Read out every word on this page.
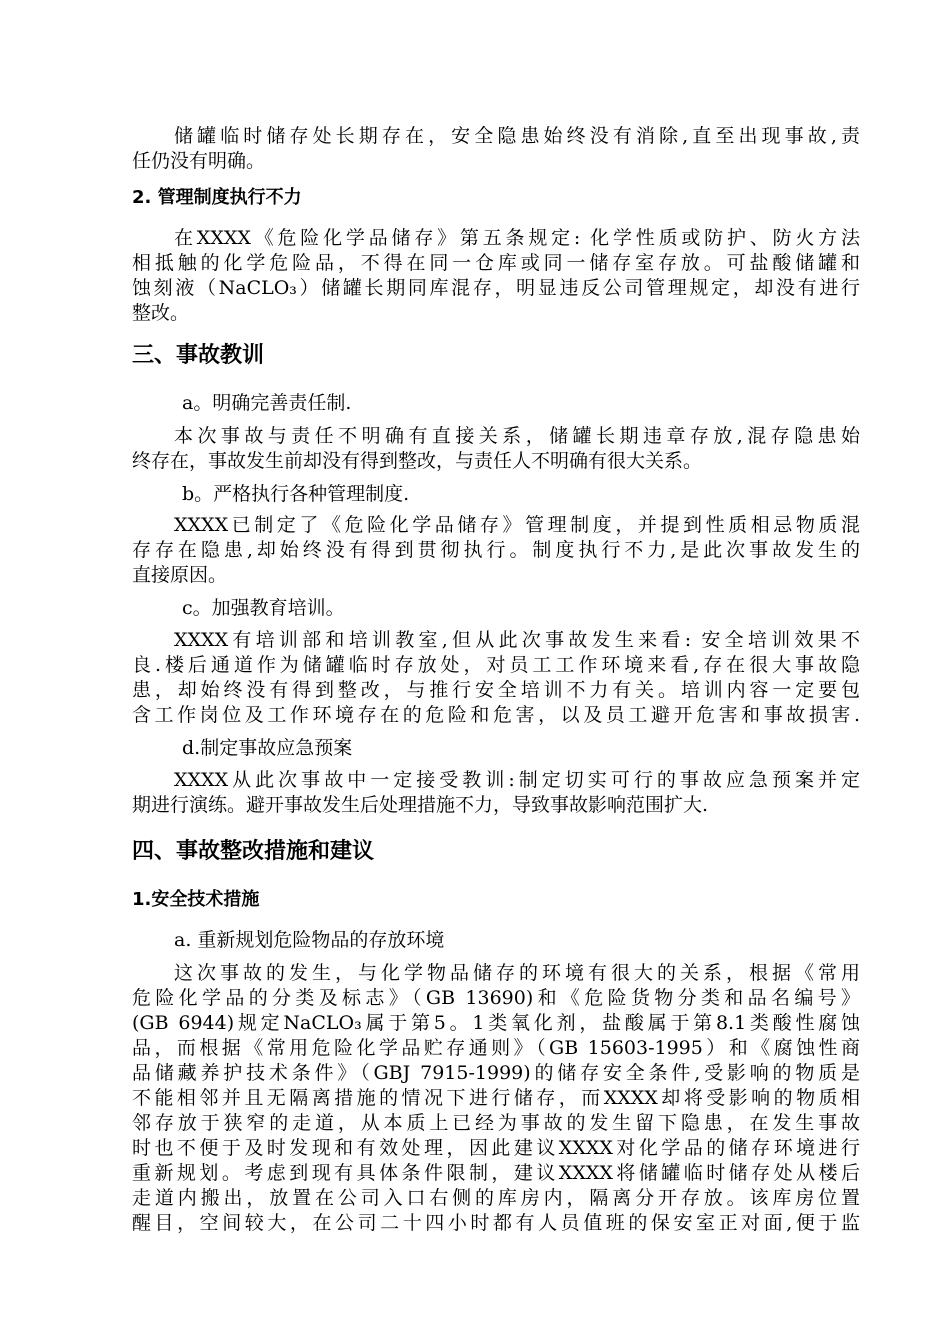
储罐临时储存处长期存在，安全隐患始终没有消除,直至出现事故,责
任仍没有明确。
2. 管理制度执行不力
在XXXX《危险化学品储存》第五条规定: 化学性质或防护、防火方法
相抵触的化学危险品，不得在同一仓库或同一储存室存放。可盐酸储罐和
蚀刻液（NaCLO₃）储罐长期同库混存，明显违反公司管理规定，却没有进行
整改。
三、事故教训
a。明确完善责任制.
本次事故与责任不明确有直接关系，储罐长期违章存放,混存隐患始
终存在，事故发生前却没有得到整改，与责任人不明确有很大关系。
b。严格执行各种管理制度.
XXXX已制定了《危险化学品储存》管理制度，并提到性质相忌物质混
存存在隐患,却始终没有得到贯彻执行。制度执行不力,是此次事故发生的
直接原因。
c。加强教育培训。
XXXX有培训部和培训教室,但从此次事故发生来看: 安全培训效果不
良.楼后通道作为储罐临时存放处，对员工工作环境来看,存在很大事故隐
患，却始终没有得到整改，与推行安全培训不力有关。培训内容一定要包
含工作岗位及工作环境存在的危险和危害，以及员工避开危害和事故损害.
d.制定事故应急预案
XXXX从此次事故中一定接受教训:制定切实可行的事故应急预案并定
期进行演练。避开事故发生后处理措施不力，导致事故影响范围扩大.
四、事故整改措施和建议
1.安全技术措施
a. 重新规划危险物品的存放环境
这次事故的发生，与化学物品储存的环境有很大的关系，根据《常用
危险化学品的分类及标志》（GB 13690)和《危险货物分类和品名编号》
(GB 6944)规定NaCLO₃属于第5。1类氧化剂，盐酸属于第8.1类酸性腐蚀
品，而根据《常用危险化学品贮存通则》（GB 15603-1995）和《腐蚀性商
品储藏养护技术条件》（GBJ 7915-1999)的储存安全条件,受影响的物质是
不能相邻并且无隔离措施的情况下进行储存，而XXXX却将受影响的物质相
邻存放于狭窄的走道，从本质上已经为事故的发生留下隐患，在发生事故
时也不便于及时发现和有效处理，因此建议XXXX对化学品的储存环境进行
重新规划。考虑到现有具体条件限制，建议XXXX将储罐临时储存处从楼后
走道内搬出，放置在公司入口右侧的库房内，隔离分开存放。该库房位置
醒目，空间较大，在公司二十四小时都有人员值班的保安室正对面,便于监
